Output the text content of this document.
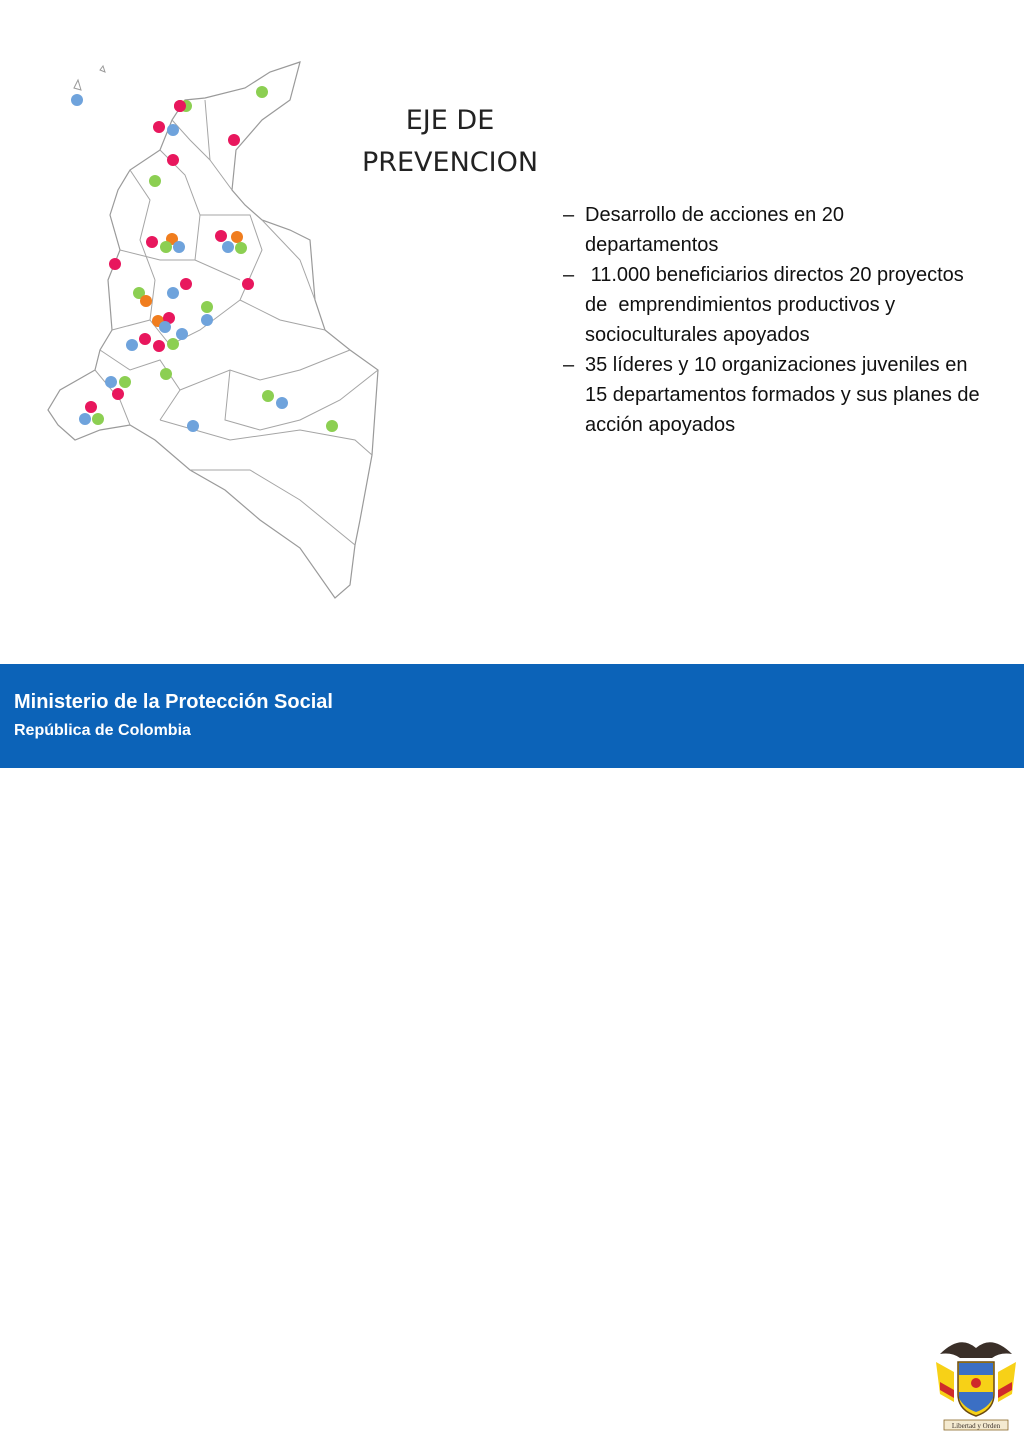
EJE DE
PREVENCION
– Desarrollo de acciones en 20 departamentos
– 11.000 beneficiarios directos 20 proyectos de  emprendimientos productivos y socioculturales apoyados
– 35 líderes y 10 organizaciones juveniles en 15 departamentos formados y sus planes de acción apoyados
Ministerio de la Protección Social
República de Colombia
Libertad y Orden
